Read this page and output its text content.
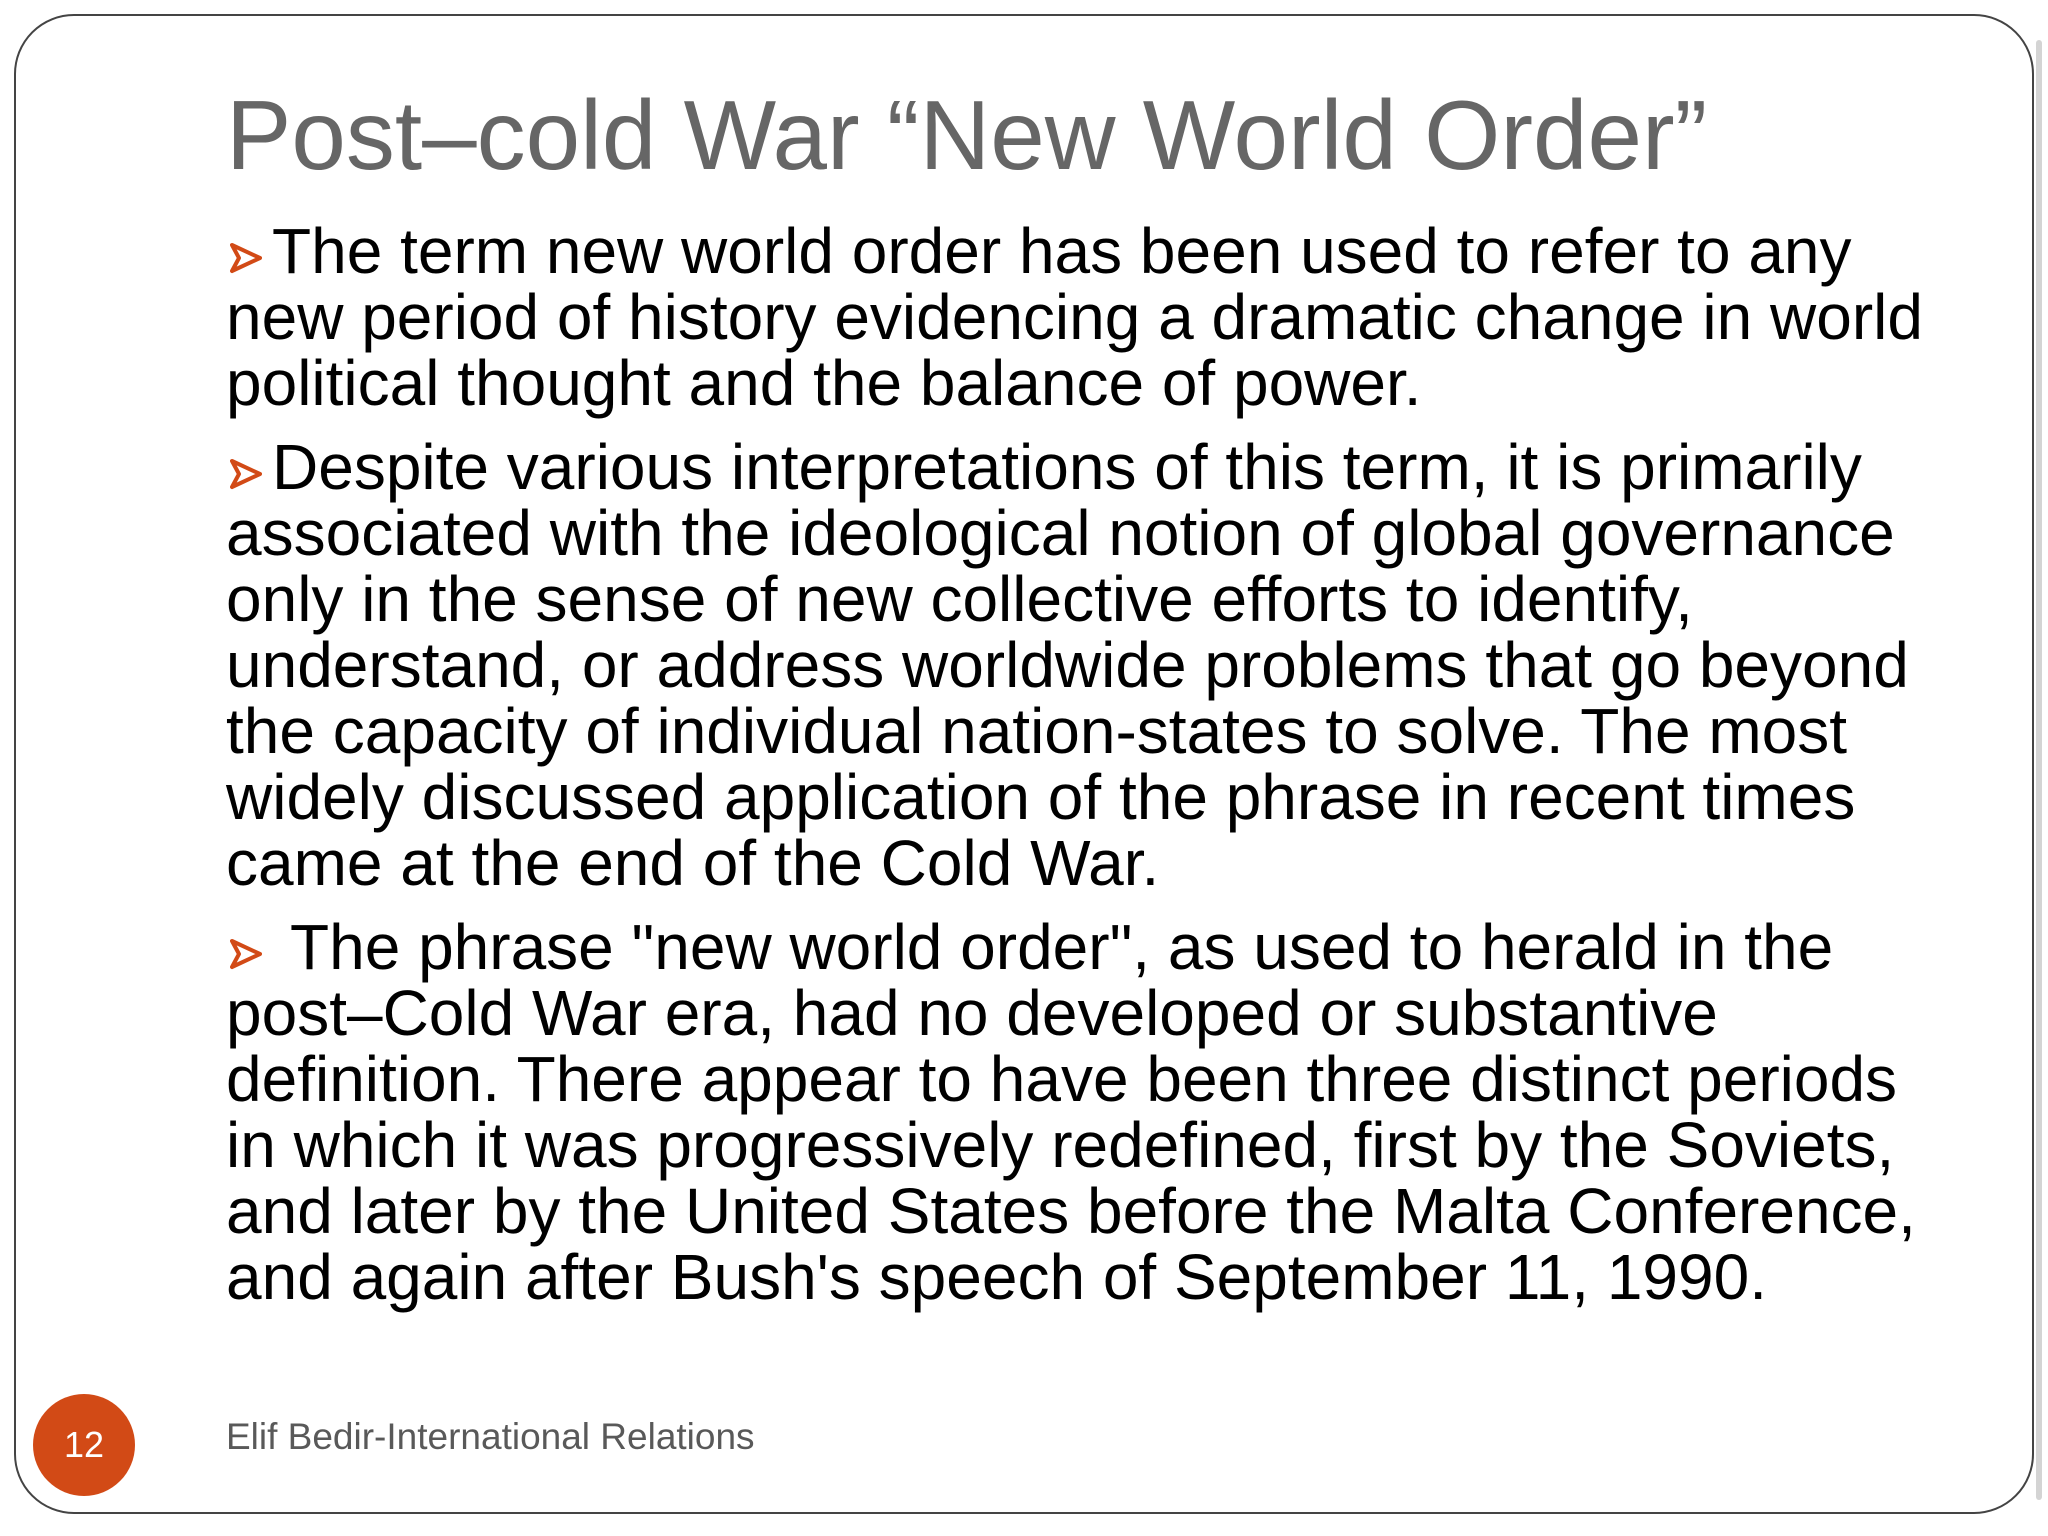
Post–cold War “New World Order”

The term new world order has been used to refer to any new period of history evidencing a dramatic change in world political thought and the balance of power.

Despite various interpretations of this term, it is primarily associated with the ideological notion of global governance only in the sense of new collective efforts to identify, understand, or address worldwide problems that go beyond the capacity of individual nation-states to solve. The most widely discussed application of the phrase in recent times came at the end of the Cold War.

The phrase "new world order", as used to herald in the post–Cold War era, had no developed or substantive definition. There appear to have been three distinct periods in which it was progressively redefined, first by the Soviets, and later by the United States before the Malta Conference, and again after Bush's speech of September 11, 1990.

12	Elif Bedir-International Relations
